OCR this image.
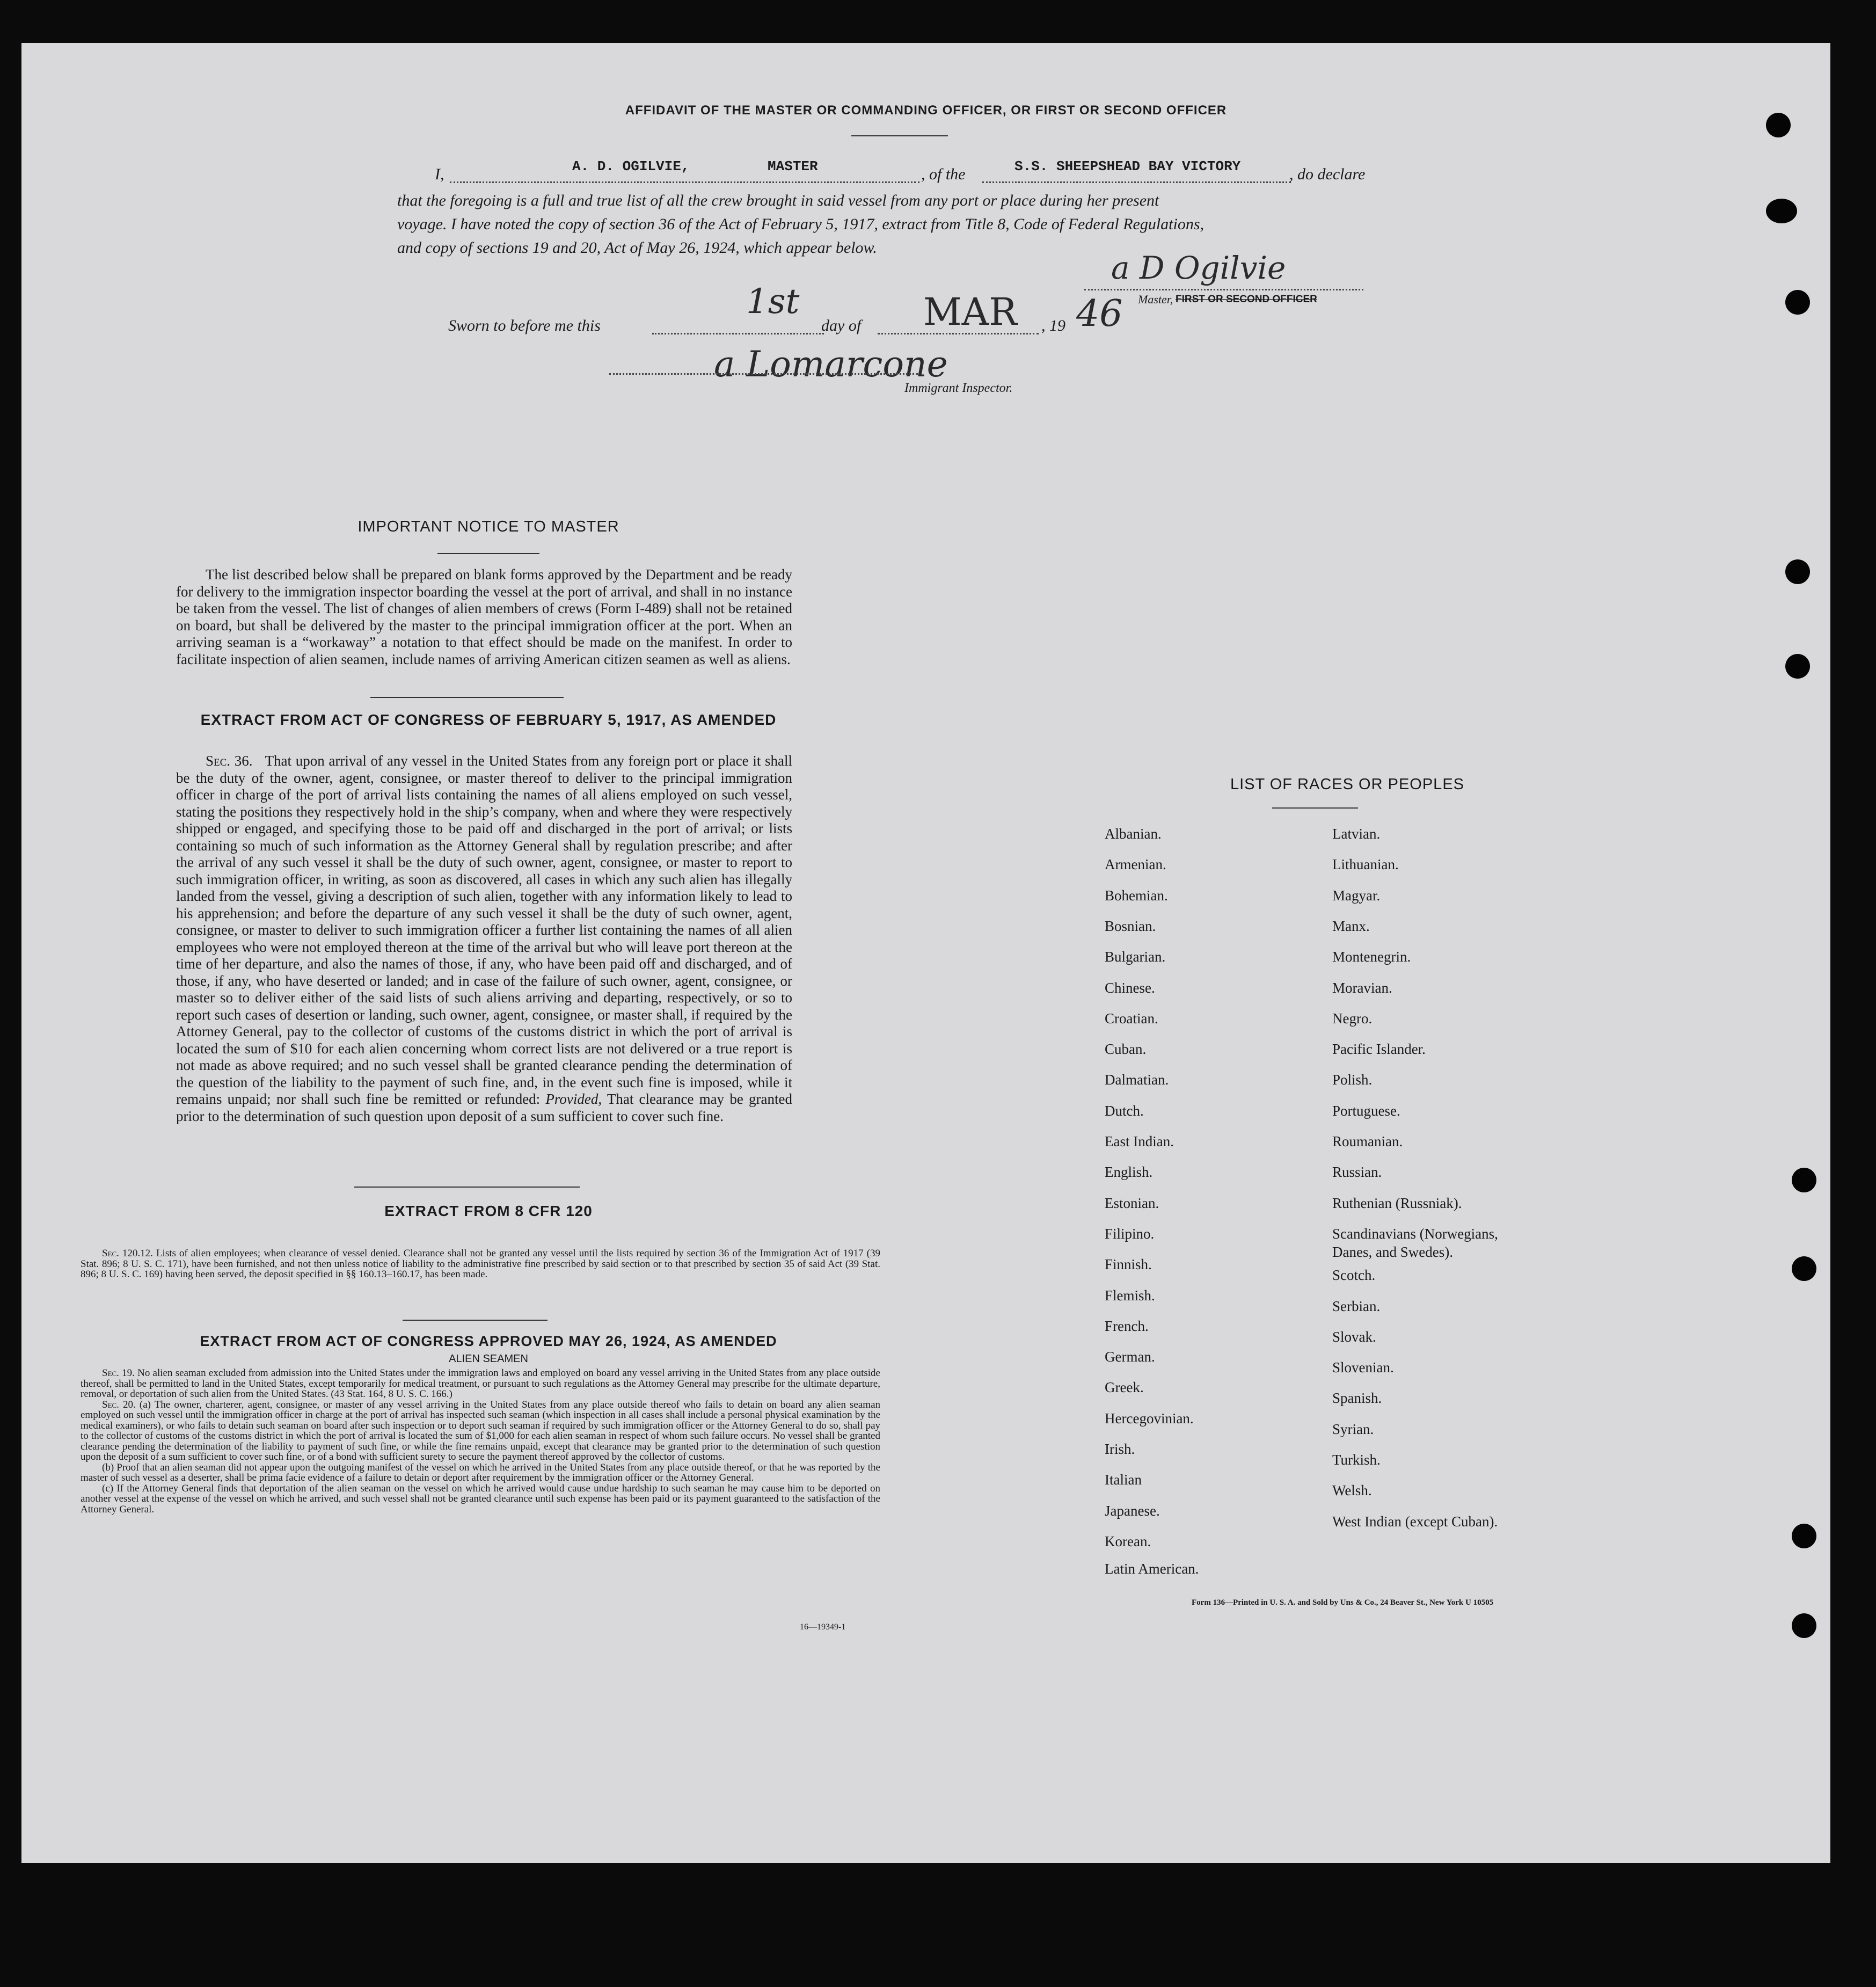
AFFIDAVIT OF THE MASTER OR COMMANDING OFFICER, OR FIRST OR SECOND OFFICER
I,	A. D. OGILVIE,	MASTER	, of the	S.S. SHEEPSHEAD BAY VICTORY	, do declare
that the foregoing is a full and true list of all the crew brought in said vessel from any port or place during her present
voyage. I have noted the copy of section 36 of the Act of February 5, 1917, extract from Title 8, Code of Federal Regulations,
and copy of sections 19 and 20, Act of May 26, 1924, which appear below.
a D Ogilvie
Master, FIRST OR SECOND OFFICER
Sworn to before me this
1st
day of MAR , 19 46
a Lomarcone
Immigrant Inspector.
IMPORTANT NOTICE TO MASTER

The list described below shall be prepared on blank forms approved by the Department and be ready for delivery to the immigration inspector boarding the vessel at the port of arrival, and shall in no instance be taken from the vessel. The list of changes of alien members of crews (Form I-489) shall not be retained on board, but shall be delivered by the master to the principal immigration officer at the port. When an arriving seaman is a “workaway” a notation to that effect should be made on the manifest. In order to facilitate inspection of alien seamen, include names of arriving American citizen seamen as well as aliens.

EXTRACT FROM ACT OF CONGRESS OF FEBRUARY 5, 1917, AS AMENDED

Sec. 36. That upon arrival of any vessel in the United States from any foreign port or place it shall be the duty of the owner, agent, consignee, or master thereof to deliver to the principal immigration officer in charge of the port of arrival lists containing the names of all aliens employed on such vessel, stating the positions they respectively hold in the ship’s company, when and where they were respectively shipped or engaged, and specifying those to be paid off and discharged in the port of arrival; or lists containing so much of such information as the Attorney General shall by regulation prescribe; and after the arrival of any such vessel it shall be the duty of such owner, agent, consignee, or master to report to such immigration officer, in writing, as soon as discovered, all cases in which any such alien has illegally landed from the vessel, giving a description of such alien, together with any information likely to lead to his apprehension; and before the departure of any such vessel it shall be the duty of such owner, agent, consignee, or master to deliver to such immigration officer a further list containing the names of all alien employees who were not employed thereon at the time of the arrival but who will leave port thereon at the time of her departure, and also the names of those, if any, who have been paid off and discharged, and of those, if any, who have deserted or landed; and in case of the failure of such owner, agent, consignee, or master so to deliver either of the said lists of such aliens arriving and departing, respectively, or so to report such cases of desertion or landing, such owner, agent, consignee, or master shall, if required by the Attorney General, pay to the collector of customs of the customs district in which the port of arrival is located the sum of $10 for each alien concerning whom correct lists are not delivered or a true report is not made as above required; and no such vessel shall be granted clearance pending the determination of the question of the liability to the payment of such fine, and, in the event such fine is imposed, while it remains unpaid; nor shall such fine be remitted or refunded: Provided, That clearance may be granted prior to the determination of such question upon deposit of a sum sufficient to cover such fine.

EXTRACT FROM 8 CFR 120

Sec. 120.12. Lists of alien employees; when clearance of vessel denied. Clearance shall not be granted any vessel until the lists required by section 36 of the Immigration Act of 1917 (39 Stat. 896; 8 U. S. C. 171), have been furnished, and not then unless notice of liability to the administrative fine prescribed by said section or to that prescribed by section 35 of said Act (39 Stat. 896; 8 U. S. C. 169) having been served, the deposit specified in §§ 160.13–160.17, has been made.

EXTRACT FROM ACT OF CONGRESS APPROVED MAY 26, 1924, AS AMENDED
ALIEN SEAMEN

Sec. 19. No alien seaman excluded from admission into the United States under the immigration laws and employed on board any vessel arriving in the United States from any place outside thereof, shall be permitted to land in the United States, except temporarily for medical treatment, or pursuant to such regulations as the Attorney General may prescribe for the ultimate departure, removal, or deportation of such alien from the United States. (43 Stat. 164, 8 U. S. C. 166.)

Sec. 20. (a) The owner, charterer, agent, consignee, or master of any vessel arriving in the United States from any place outside thereof who fails to detain on board any alien seaman employed on such vessel until the immigration officer in charge at the port of arrival has inspected such seaman (which inspection in all cases shall include a personal physical examination by the medical examiners), or who fails to detain such seaman on board after such inspection or to deport such seaman if required by such immigration officer or the Attorney General to do so, shall pay to the collector of customs of the customs district in which the port of arrival is located the sum of $1,000 for each alien seaman in respect of whom such failure occurs. No vessel shall be granted clearance pending the determination of the liability to payment of such fine, or while the fine remains unpaid, except that clearance may be granted prior to the determination of such question upon the deposit of a sum sufficient to cover such fine, or of a bond with sufficient surety to secure the payment thereof approved by the collector of customs.

(b) Proof that an alien seaman did not appear upon the outgoing manifest of the vessel on which he arrived in the United States from any place outside thereof, or that he was reported by the master of such vessel as a deserter, shall be prima facie evidence of a failure to detain or deport after requirement by the immigration officer or the Attorney General.

(c) If the Attorney General finds that deportation of the alien seaman on the vessel on which he arrived would cause undue hardship to such seaman he may cause him to be deported on another vessel at the expense of the vessel on which he arrived, and such vessel shall not be granted clearance until such expense has been paid or its payment guaranteed to the satisfaction of the Attorney General.

16—19349-1
LIST OF RACES OR PEOPLES
Albanian.
Armenian.
Bohemian.
Bosnian.
Bulgarian.
Chinese.
Croatian.
Cuban.
Dalmatian.
Dutch.
East Indian.
English.
Estonian.
Filipino.
Finnish.
Flemish.
French.
German.
Greek.
Hercegovinian.
Irish.
Italian
Japanese.
Korean.
Latin American.
Latvian.
Lithuanian.
Magyar.
Manx.
Montenegrin.
Moravian.
Negro.
Pacific Islander.
Polish.
Portuguese.
Roumanian.
Russian.
Ruthenian (Russniak).
Scandinavians (Norwegians,
Danes, and Swedes).
Scotch.
Serbian.
Slovak.
Slovenian.
Spanish.
Syrian.
Turkish.
Welsh.
West Indian (except Cuban).
Form 136—Printed in U. S. A. and Sold by Uns & Co., 24 Beaver St., New York U 10505
